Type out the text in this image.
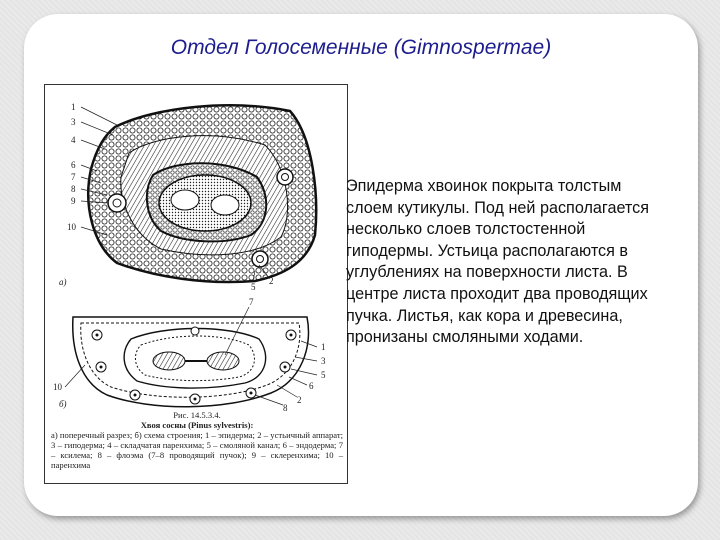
Отдел Голосеменные (Gimnospermae)
1
3
4
6
7
8
9
10
2
5
а)
7
1
3
5
10
2
6
8
б)
Рис. 14.5.3.4.
Хвоя сосны (Pinus sylvestris):
а) поперечный разрез; б) схема строения; 1 – эпидерма; 2 – устьичный аппарат; 3 – гиподерма; 4 – складчатая паренхима; 5 – смоляной канал; 6 – эндодерма; 7 – ксилема; 8 – флоэма (7–8 проводящий пучок); 9 – склеренхима; 10 – паренхима

Эпидерма хвоинок покрыта толстым слоем кутикулы. Под ней располагается несколько слоев толстостенной гиподермы. Устьица располагаются в углублениях на поверхности листа. В центре листа проходит два проводящих пучка. Листья, как кора и древесина, пронизаны смоляными ходами.
